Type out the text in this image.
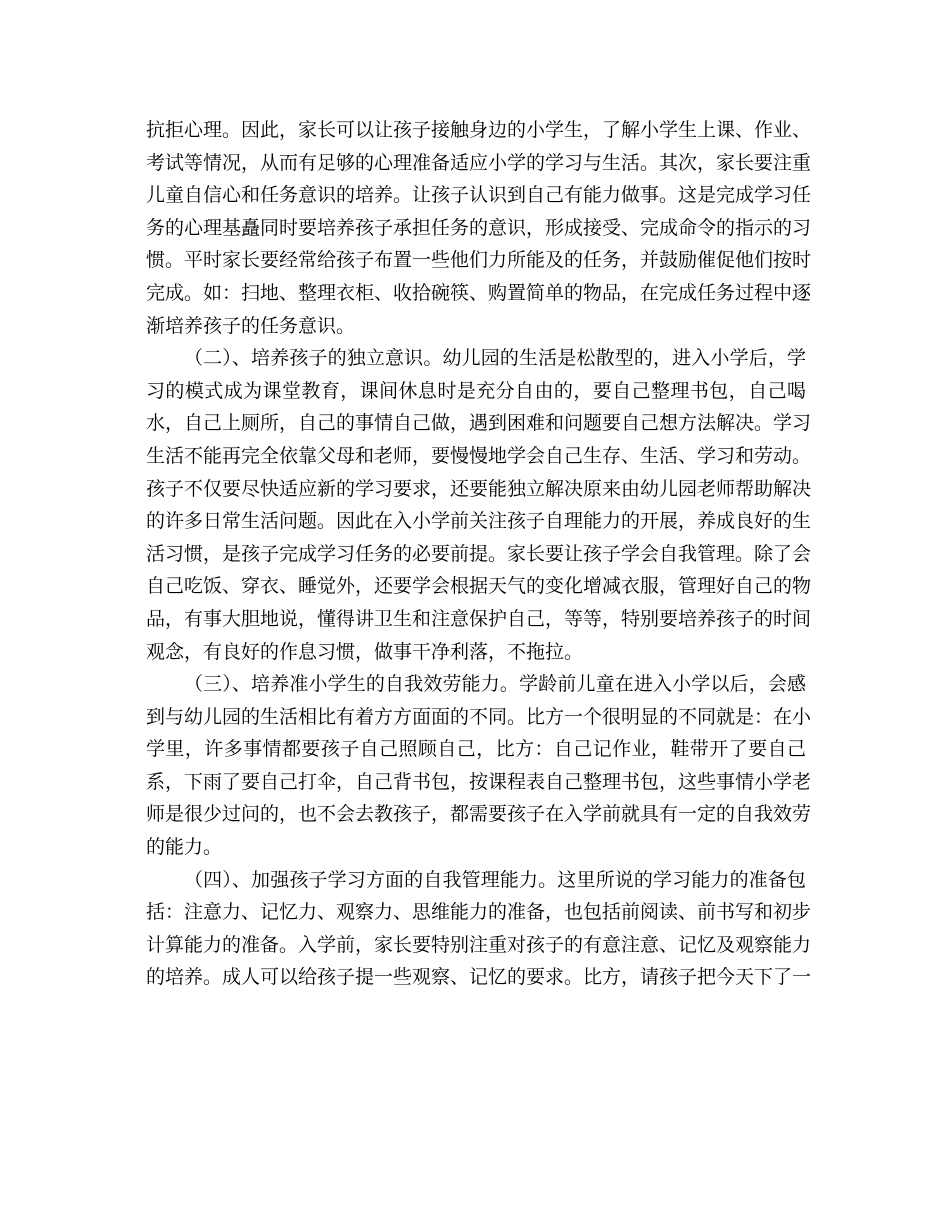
抗拒心理。因此，家长可以让孩子接触身边的小学生，了解小学生上课、作业、
考试等情况，从而有足够的心理准备适应小学的学习与生活。其次，家长要注重
儿童自信心和任务意识的培养。让孩子认识到自己有能力做事。这是完成学习任
务的心理基矗同时要培养孩子承担任务的意识，形成接受、完成命令的指示的习
惯。平时家长要经常给孩子布置一些他们力所能及的任务，并鼓励催促他们按时
完成。如：扫地、整理衣柜、收拾碗筷、购置简单的物品，在完成任务过程中逐
渐培养孩子的任务意识。
（二）、培养孩子的独立意识。幼儿园的生活是松散型的，进入小学后，学
习的模式成为课堂教育，课间休息时是充分自由的，要自己整理书包，自己喝
水，自己上厕所，自己的事情自己做，遇到困难和问题要自己想方法解决。学习
生活不能再完全依靠父母和老师，要慢慢地学会自己生存、生活、学习和劳动。
孩子不仅要尽快适应新的学习要求，还要能独立解决原来由幼儿园老师帮助解决
的许多日常生活问题。因此在入小学前关注孩子自理能力的开展，养成良好的生
活习惯，是孩子完成学习任务的必要前提。家长要让孩子学会自我管理。除了会
自己吃饭、穿衣、睡觉外，还要学会根据天气的变化增减衣服，管理好自己的物
品，有事大胆地说，懂得讲卫生和注意保护自己，等等，特别要培养孩子的时间
观念，有良好的作息习惯，做事干净利落，不拖拉。
（三）、培养准小学生的自我效劳能力。学龄前儿童在进入小学以后，会感
到与幼儿园的生活相比有着方方面面的不同。比方一个很明显的不同就是：在小
学里，许多事情都要孩子自己照顾自己，比方：自己记作业，鞋带开了要自己
系，下雨了要自己打伞，自己背书包，按课程表自己整理书包，这些事情小学老
师是很少过问的，也不会去教孩子，都需要孩子在入学前就具有一定的自我效劳
的能力。
（四）、加强孩子学习方面的自我管理能力。这里所说的学习能力的准备包
括：注意力、记忆力、观察力、思维能力的准备，也包括前阅读、前书写和初步
计算能力的准备。入学前，家长要特别注重对孩子的有意注意、记忆及观察能力
的培养。成人可以给孩子提一些观察、记忆的要求。比方，请孩子把今天下了一
